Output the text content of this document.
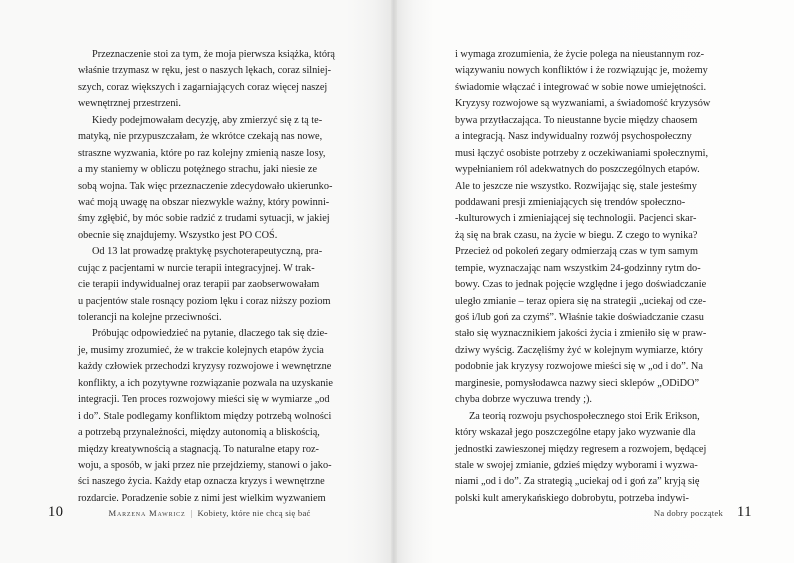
Przeznaczenie stoi za tym, że moja pierwsza książka, którą
właśnie trzymasz w ręku, jest o naszych lękach, coraz silniej-
szych, coraz większych i zagarniających coraz więcej naszej
wewnętrznej przestrzeni.
Kiedy podejmowałam decyzję, aby zmierzyć się z tą te-
matyką, nie przypuszczałam, że wkrótce czekają nas nowe,
straszne wyzwania, które po raz kolejny zmienią nasze losy,
a my staniemy w obliczu potężnego strachu, jaki niesie ze
sobą wojna. Tak więc przeznaczenie zdecydowało ukierunko-
wać moją uwagę na obszar niezwykle ważny, który powinni-
śmy zgłębić, by móc sobie radzić z trudami sytuacji, w jakiej
obecnie się znajdujemy. Wszystko jest PO COŚ.
Od 13 lat prowadzę praktykę psychoterapeutyczną, pra-
cując z pacjentami w nurcie terapii integracyjnej. W trak-
cie terapii indywidualnej oraz terapii par zaobserwowałam
u pacjentów stale rosnący poziom lęku i coraz niższy poziom
tolerancji na kolejne przeciwności.
Próbując odpowiedzieć na pytanie, dlaczego tak się dzie-
je, musimy zrozumieć, że w trakcie kolejnych etapów życia
każdy człowiek przechodzi kryzysy rozwojowe i wewnętrzne
konflikty, a ich pozytywne rozwiązanie pozwala na uzyskanie
integracji. Ten proces rozwojowy mieści się w wymiarze „od
i do”. Stale podlegamy konfliktom między potrzebą wolności
a potrzebą przynależności, między autonomią a bliskością,
między kreatywnością a stagnacją. To naturalne etapy roz-
woju, a sposób, w jaki przez nie przejdziemy, stanowi o jako-
ści naszego życia. Każdy etap oznacza kryzys i wewnętrzne
rozdarcie. Poradzenie sobie z nimi jest wielkim wyzwaniem
10	Marzena Mawricz | Kobiety, które nie chcą się bać
i wymaga zrozumienia, że życie polega na nieustannym roz-
wiązywaniu nowych konfliktów i że rozwiązując je, możemy
świadomie włączać i integrować w sobie nowe umiejętności.
Kryzysy rozwojowe są wyzwaniami, a świadomość kryzysów
bywa przytłaczająca. To nieustanne bycie między chaosem
a integracją. Nasz indywidualny rozwój psychospołeczny
musi łączyć osobiste potrzeby z oczekiwaniami społecznymi,
wypełnianiem ról adekwatnych do poszczególnych etapów.
Ale to jeszcze nie wszystko. Rozwijając się, stale jesteśmy
poddawani presji zmieniających się trendów społeczno-
-kulturowych i zmieniającej się technologii. Pacjenci skar-
żą się na brak czasu, na życie w biegu. Z czego to wynika?
Przecież od pokoleń zegary odmierzają czas w tym samym
tempie, wyznaczając nam wszystkim 24-godzinny rytm do-
bowy. Czas to jednak pojęcie względne i jego doświadczanie
uległo zmianie – teraz opiera się na strategii „uciekaj od cze-
goś i/lub goń za czymś”. Właśnie takie doświadczanie czasu
stało się wyznacznikiem jakości życia i zmieniło się w praw-
dziwy wyścig. Zaczęliśmy żyć w kolejnym wymiarze, który
podobnie jak kryzysy rozwojowe mieści się w „od i do”. Na
marginesie, pomysłodawca nazwy sieci sklepów „ODiDO”
chyba dobrze wyczuwa trendy ;).
Za teorią rozwoju psychospołecznego stoi Erik Erikson,
który wskazał jego poszczególne etapy jako wyzwanie dla
jednostki zawieszonej między regresem a rozwojem, będącej
stale w swojej zmianie, gdzieś między wyborami i wyzwa-
niami „od i do”. Za strategią „uciekaj od i goń za” kryją się
polski kult amerykańskiego dobrobytu, potrzeba indywi-
Na dobry początek 11
